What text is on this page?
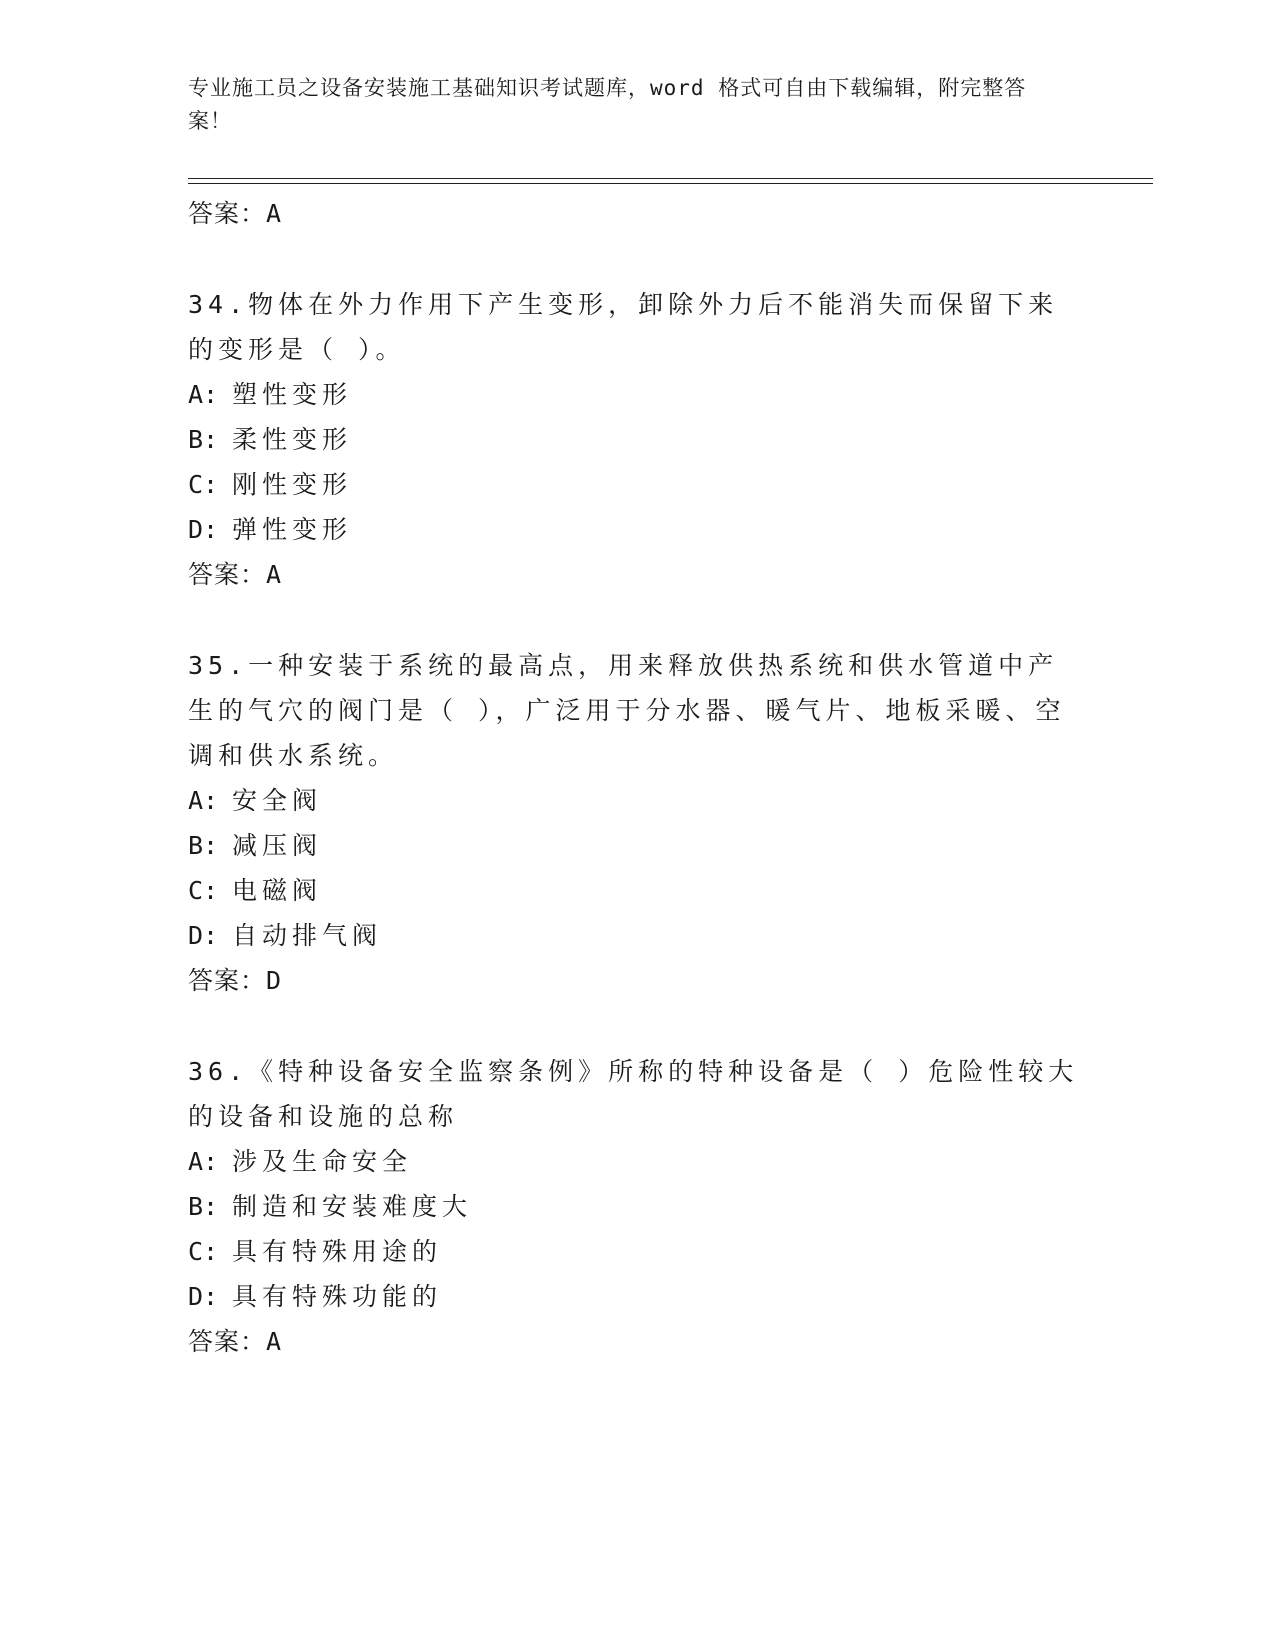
专业施工员之设备安装施工基础知识考试题库，word 格式可自由下载编辑，附完整答案！
答案：A
34.物体在外力作用下产生变形，卸除外力后不能消失而保留下来的变形是（ ）。
A: 塑性变形
B: 柔性变形
C: 刚性变形
D: 弹性变形
答案：A
35.一种安装于系统的最高点，用来释放供热系统和供水管道中产生的气穴的阀门是（ ），广泛用于分水器、暖气片、地板采暖、空调和供水系统。
A: 安全阀
B: 减压阀
C: 电磁阀
D: 自动排气阀
答案：D
36.《特种设备安全监察条例》所称的特种设备是（ ）危险性较大的设备和设施的总称
A: 涉及生命安全
B: 制造和安装难度大
C: 具有特殊用途的
D: 具有特殊功能的
答案：A
